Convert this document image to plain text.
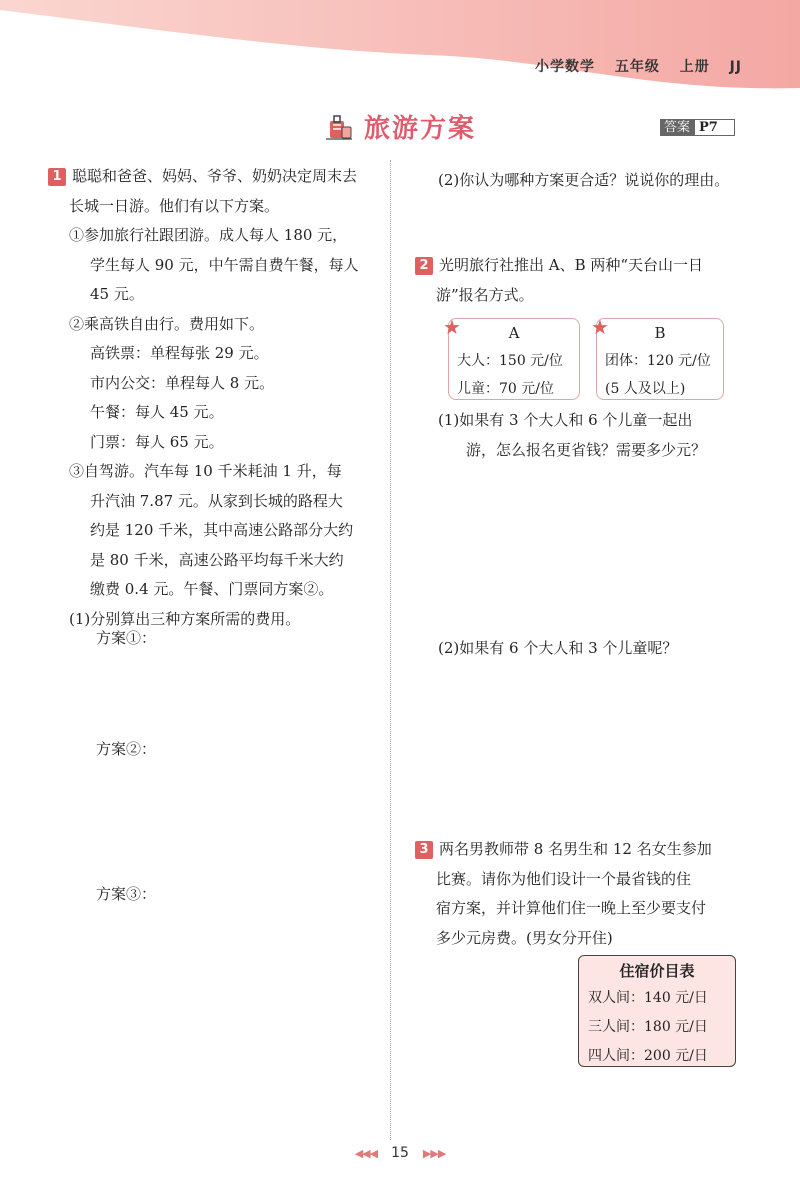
小学数学 五年级 上册 JJ
旅游方案	答案 P7
1 聪聪和爸爸、妈妈、爷爷、奶奶决定周末去
长城一日游。他们有以下方案。
①参加旅行社跟团游。成人每人 180 元，
学生每人 90 元，中午需自费午餐，每人
45 元。
②乘高铁自由行。费用如下。
高铁票：单程每张 29 元。
市内公交：单程每人 8 元。
午餐：每人 45 元。
门票：每人 65 元。
③自驾游。汽车每 10 千米耗油 1 升，每
升汽油 7.87 元。从家到长城的路程大
约是 120 千米，其中高速公路部分大约
是 80 千米，高速公路平均每千米大约
缴费 0.4 元。午餐、门票同方案②。
(1)分别算出三种方案所需的费用。
方案①：
方案②：
方案③：
(2)你认为哪种方案更合适？说说你的理由。
2 光明旅行社推出 A、B 两种“天台山一日
游”报名方式。
★	A
大人：150 元/位
儿童：70 元/位
★	B
团体：120 元/位
(5 人及以上)
(1)如果有 3 个大人和 6 个儿童一起出
游，怎么报名更省钱？需要多少元？
(2)如果有 6 个大人和 3 个儿童呢？
3 两名男教师带 8 名男生和 12 名女生参加
比赛。请你为他们设计一个最省钱的住
宿方案，并计算他们住一晚上至少要支付
多少元房费。(男女分开住)
住宿价目表
双人间：140 元/日
三人间：180 元/日
四人间：200 元/日
◀◀◀ 15 ▶▶▶
